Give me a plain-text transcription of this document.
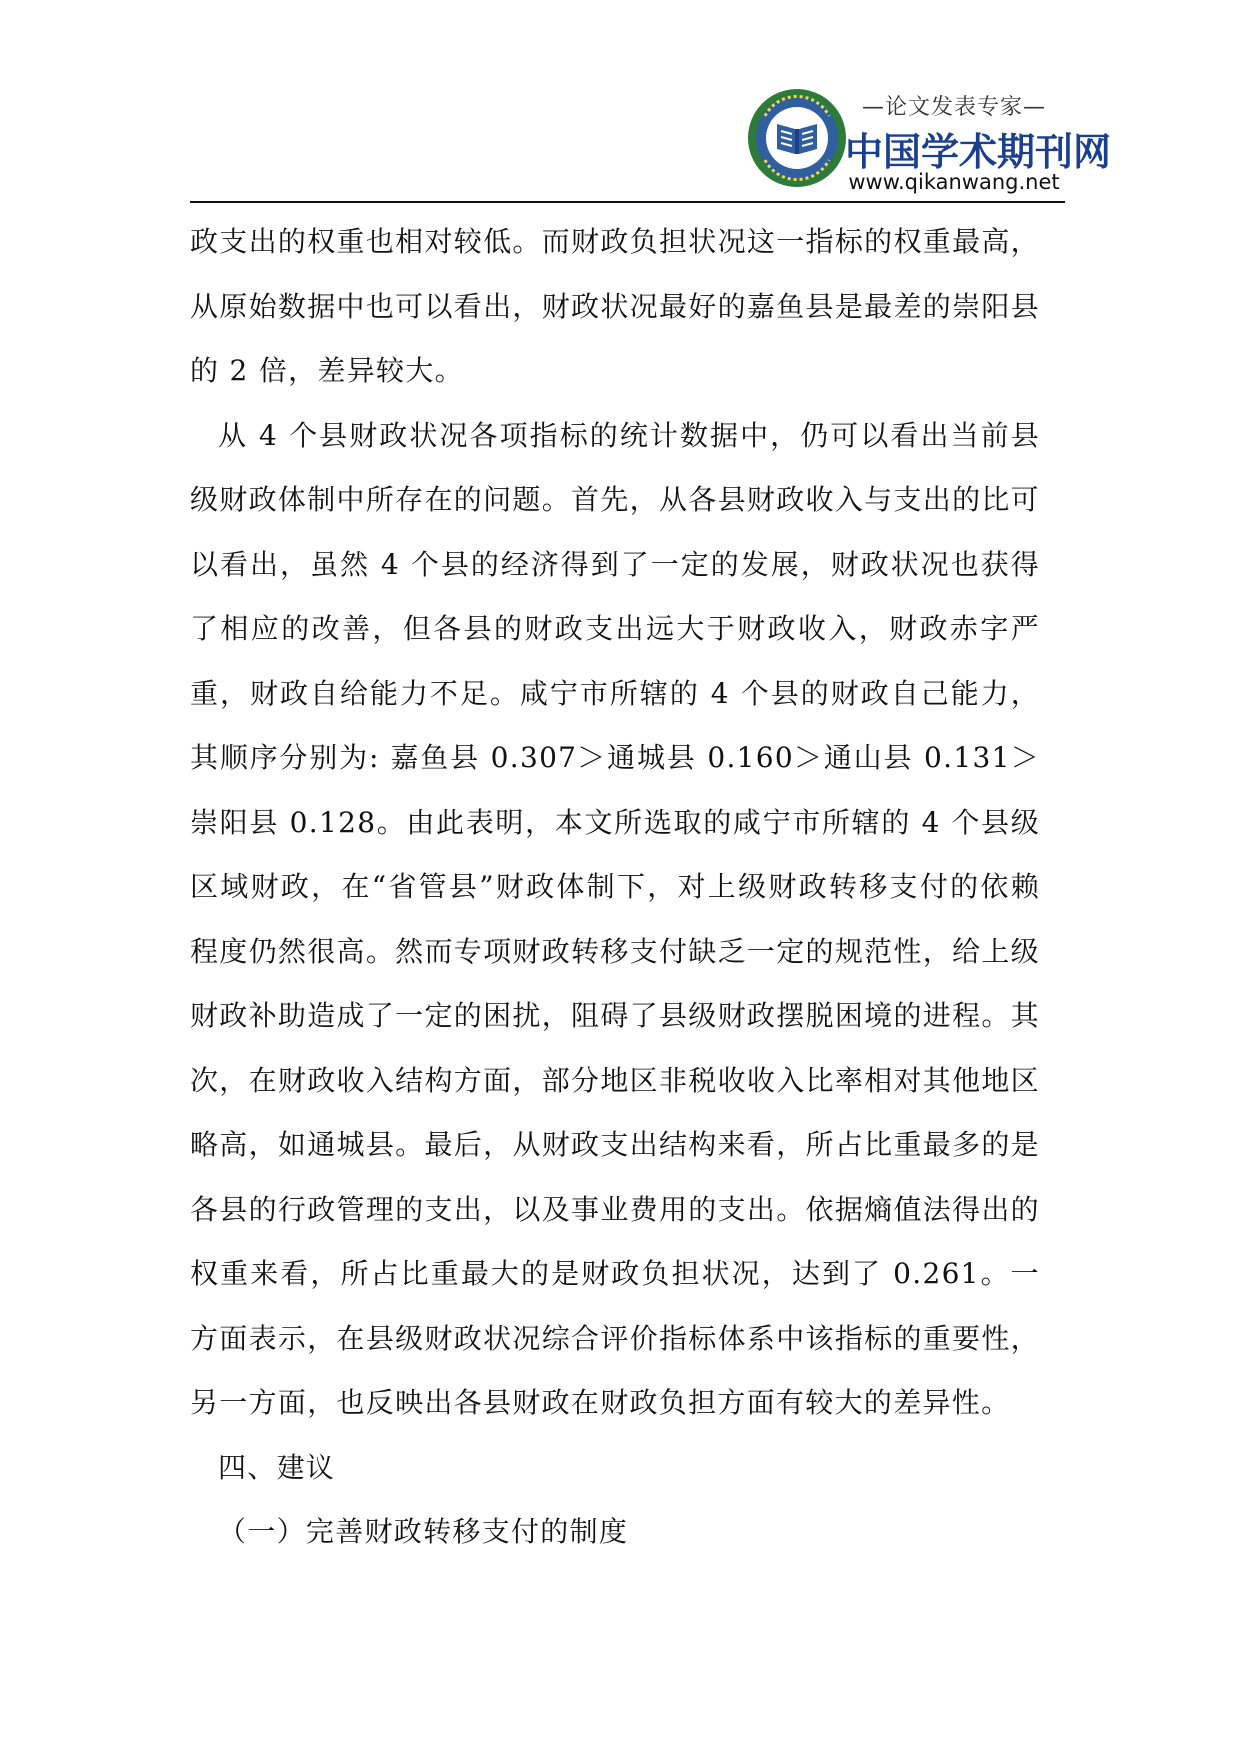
—论文发表专家—
中国学术期刊网
www.qikanwang.net

政支出的权重也相对较低。而财政负担状况这一指标的权重最高，从原始数据中也可以看出，财政状况最好的嘉鱼县是最差的崇阳县的 2 倍，差异较大。

从 4 个县财政状况各项指标的统计数据中，仍可以看出当前县级财政体制中所存在的问题。首先，从各县财政收入与支出的比可以看出，虽然 4 个县的经济得到了一定的发展，财政状况也获得了相应的改善，但各县的财政支出远大于财政收入，财政赤字严重，财政自给能力不足。咸宁市所辖的 4 个县的财政自己能力，其顺序分别为: 嘉鱼县 0.307＞通城县 0.160＞通山县 0.131＞崇阳县 0.128。由此表明，本文所选取的咸宁市所辖的 4 个县级区域财政，在“省管县”财政体制下，对上级财政转移支付的依赖程度仍然很高。然而专项财政转移支付缺乏一定的规范性，给上级财政补助造成了一定的困扰，阻碍了县级财政摆脱困境的进程。其次，在财政收入结构方面，部分地区非税收收入比率相对其他地区略高，如通城县。最后，从财政支出结构来看，所占比重最多的是各县的行政管理的支出，以及事业费用的支出。依据熵值法得出的权重来看，所占比重最大的是财政负担状况，达到了 0.261。一方面表示，在县级财政状况综合评价指标体系中该指标的重要性，另一方面，也反映出各县财政在财政负担方面有较大的差异性。

四、建议

（一）完善财政转移支付的制度
